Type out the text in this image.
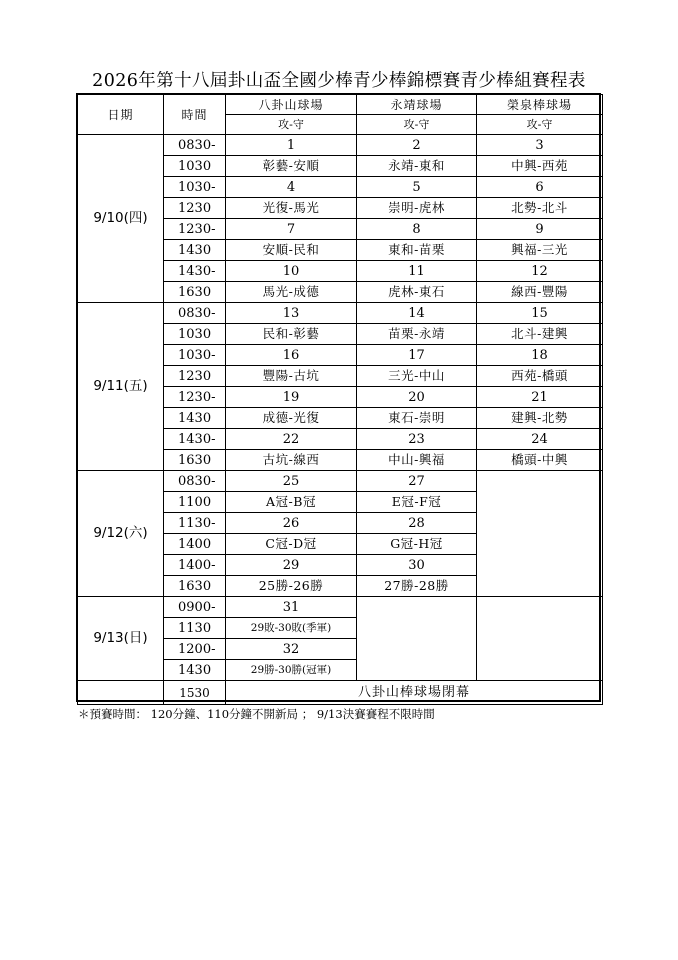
2026年第十八屆卦山盃全國少棒青少棒錦標賽青少棒組賽程表
日期	時間
八卦山球場
攻-守
永靖球場
攻-守
榮泉棒球場
攻-守
0830-
1030
1
彰藝-安順
2
永靖-東和
3
中興-西苑
1030-
1230
4
光復-馬光
5
崇明-虎林
6
北勢-北斗
1230-
1430
7
安順-民和
8
東和-苗栗
9
興福-三光
1430-
1630
10
馬光-成德
11
虎林-東石
12
線西-豐陽
9/10(四)
0830-
1030
13
民和-彰藝
14
苗栗-永靖
15
北斗-建興
1030-
1230
16
豐陽-古坑
17
三光-中山
18
西苑-橋頭
1230-
1430
19
成德-光復
20
東石-崇明
21
建興-北勢
1430-
1630
22
古坑-線西
23
中山-興福
24
橋頭-中興
9/11(五)
0830-
1100
25
A冠-B冠
27
E冠-F冠
1130-
1400
26
C冠-D冠
28
G冠-H冠
1400-
1630
29
25勝-26勝
30
27勝-28勝
9/12(六)
0900-
1130
31
29敗-30敗(季軍)
1200-
1430
32
29勝-30勝(冠軍)
9/13(日)
1530	八卦山棒球場閉幕
＊預賽時間： 120分鐘、110分鐘不開新局 ； 9/13決賽賽程不限時間
